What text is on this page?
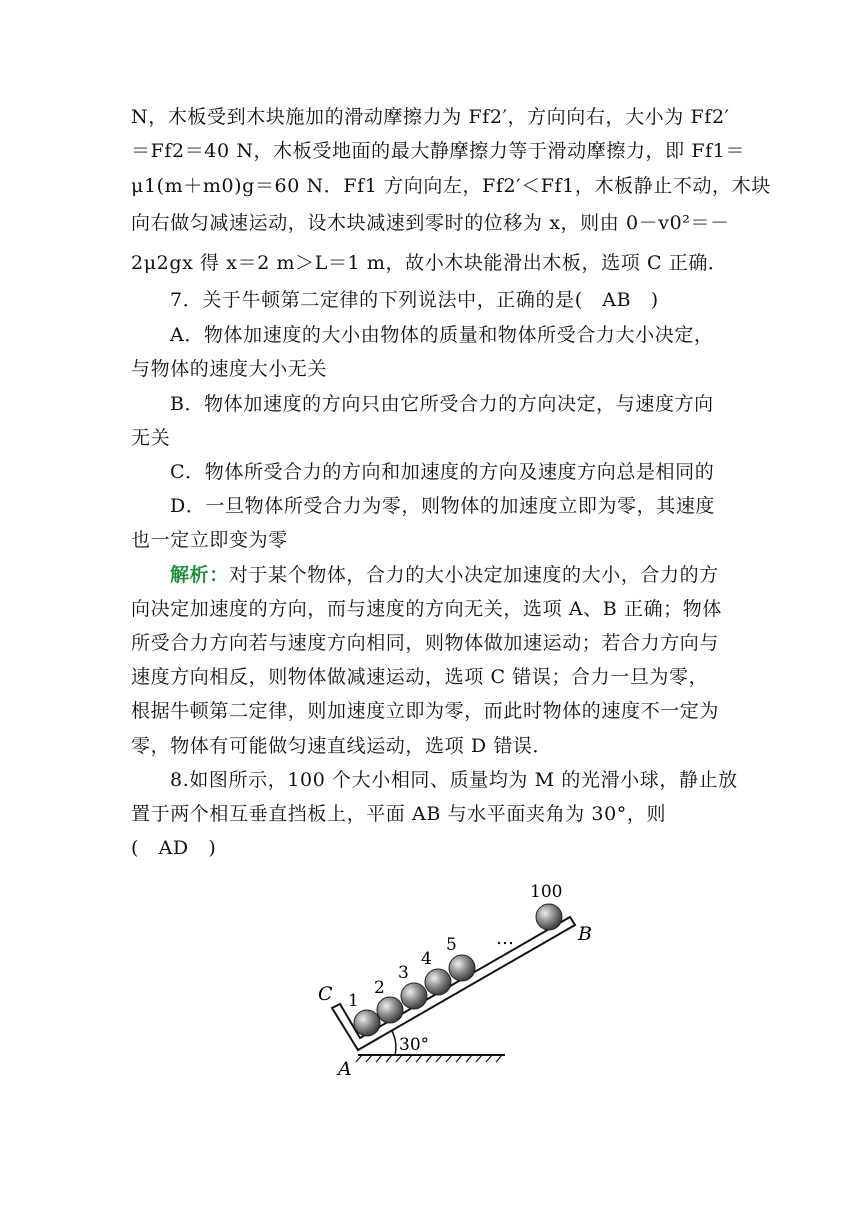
N，木板受到木块施加的滑动摩擦力为 Ff2′，方向向右，大小为 Ff2′
＝Ff2＝40 N，木板受地面的最大静摩擦力等于滑动摩擦力，即 Ff1＝
μ1(m＋m0)g＝60 N．Ff1 方向向左，Ff2′＜Ff1，木板静止不动，木块
向右做匀减速运动，设木块减速到零时的位移为 x，则由 0－v0²＝－
2μ2gx 得 x＝2 m＞L＝1 m，故小木块能滑出木板，选项 C 正确．
7．关于牛顿第二定律的下列说法中，正确的是(　AB　)
A．物体加速度的大小由物体的质量和物体所受合力大小决定，
与物体的速度大小无关
B．物体加速度的方向只由它所受合力的方向决定，与速度方向
无关
C．物体所受合力的方向和加速度的方向及速度方向总是相同的
D．一旦物体所受合力为零，则物体的加速度立即为零，其速度
也一定立即变为零
解析：对于某个物体，合力的大小决定加速度的大小，合力的方
向决定加速度的方向，而与速度的方向无关，选项 A、B 正确；物体
所受合力方向若与速度方向相同，则物体做加速运动；若合力方向与
速度方向相反，则物体做减速运动，选项 C 错误；合力一旦为零，
根据牛顿第二定律，则加速度立即为零，而此时物体的速度不一定为
零，物体有可能做匀速直线运动，选项 D 错误．
8.如图所示，100 个大小相同、质量均为 M 的光滑小球，静止放
置于两个相互垂直挡板上，平面 AB 与水平面夹角为 30°，则
(　AD　)
1
2
3
4
5
100
…	B
C
A
30°
